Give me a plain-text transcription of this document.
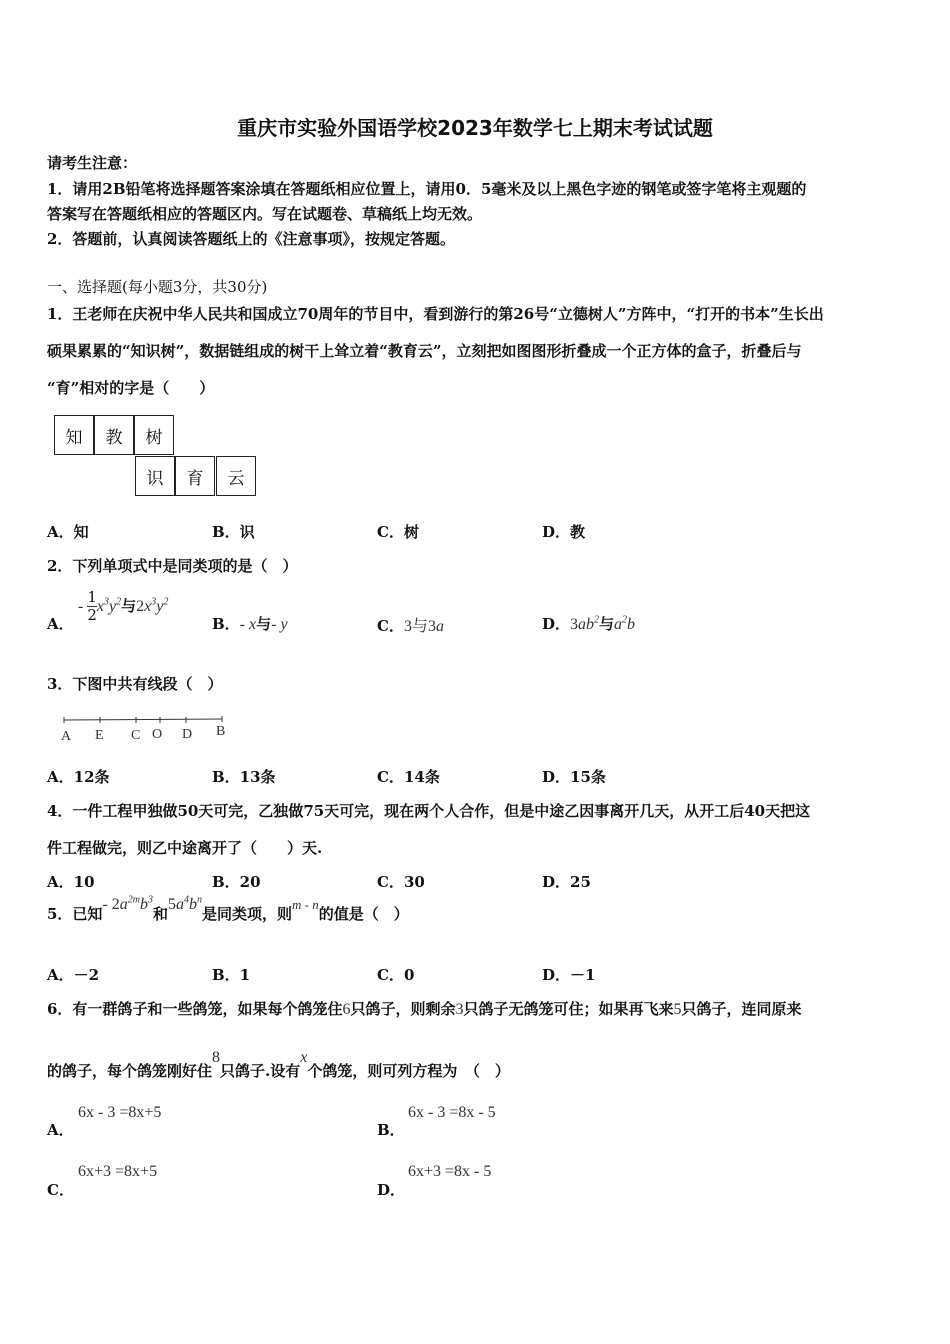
重庆市实验外国语学校2023年数学七上期末考试试题
请考生注意：
1．请用2B铅笔将选择题答案涂填在答题纸相应位置上，请用0．5毫米及以上黑色字迹的钢笔或签字笔将主观题的
答案写在答题纸相应的答题区内。写在试题卷、草稿纸上均无效。
2．答题前，认真阅读答题纸上的《注意事项》，按规定答题。
一、选择题(每小题3分，共30分)
1．王老师在庆祝中华人民共和国成立70周年的节目中，看到游行的第26号“立德树人”方阵中，“打开的书本”生长出
硕果累累的“知识树”，数据链组成的树干上耸立着“教育云”，立刻把如图图形折叠成一个正方体的盒子，折叠后与
“育”相对的字是（　　）
知	教	树
识	育	云
A．知	B．识	C．树	D．教
2．下列单项式中是同类项的是（　）
A．
- $\frac{1}{2} x^3y^2$与$2x^3y^2$
B．- x与- y	C．3与3a	D．$3ab^2$与$a^2b$
3．下图中共有线段（　）
A E C O D B
A．12条	B．13条	C．14条	D．15条
4．一件工程甲独做50天可完，乙独做75天可完，现在两个人合作，但是中途乙因事离开几天，从开工后40天把这
件工程做完，则乙中途离开了（　　）天.
A．10	B．20	C．30	D．25
5．已知- $2a^{2m}b^3$和$5a^4b^n$是同类项，则m - n的值是（　）
A．－2	B．1	C．0	D．－1
6．有一群鸽子和一些鸽笼，如果每个鸽笼住6只鸽子，则剩余3只鸽子无鸽笼可住；如果再飞来5只鸽子，连同原来
的鸽子，每个鸽笼刚好住8只鸽子.设有x个鸽笼，则可列方程为　（　）
A．
6x - 3 =8x+5
B．
6x - 3 =8x - 5
C．
6x+3 =8x+5
D．
6x+3 =8x - 5
